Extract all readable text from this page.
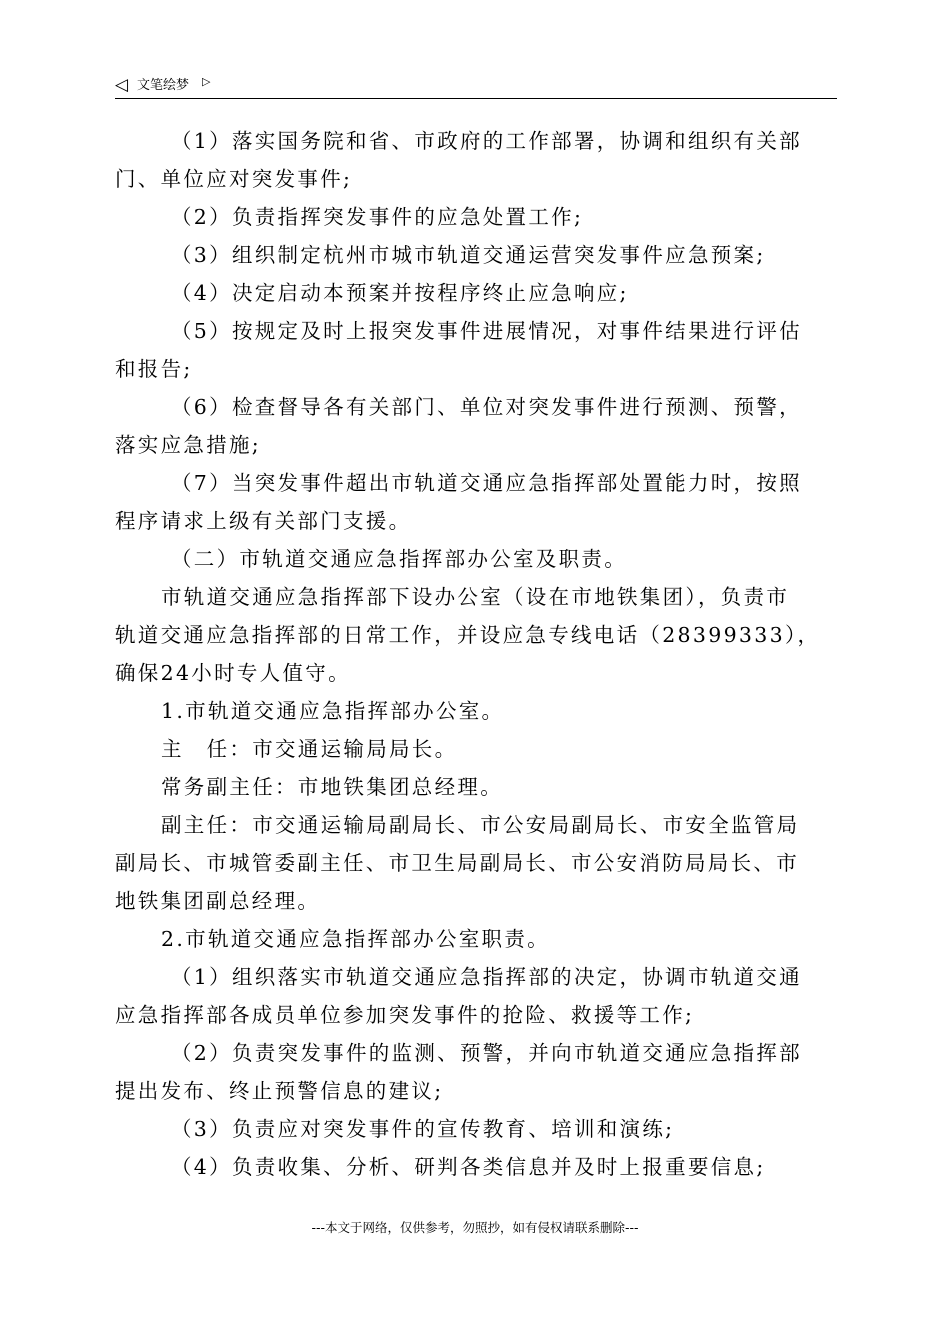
◁ 文笔绘梦 ▷
（1）落实国务院和省、市政府的工作部署，协调和组织有关部
门、单位应对突发事件;
（2）负责指挥突发事件的应急处置工作;
（3）组织制定杭州市城市轨道交通运营突发事件应急预案;
（4）决定启动本预案并按程序终止应急响应;
（5）按规定及时上报突发事件进展情况，对事件结果进行评估
和报告;
（6）检查督导各有关部门、单位对突发事件进行预测、预警，
落实应急措施;
（7）当突发事件超出市轨道交通应急指挥部处置能力时，按照
程序请求上级有关部门支援。
（二）市轨道交通应急指挥部办公室及职责。
市轨道交通应急指挥部下设办公室（设在市地铁集团），负责市
轨道交通应急指挥部的日常工作，并设应急专线电话（28399333），
确保24小时专人值守。
1.市轨道交通应急指挥部办公室。
主　任：市交通运输局局长。
常务副主任：市地铁集团总经理。
副主任：市交通运输局副局长、市公安局副局长、市安全监管局
副局长、市城管委副主任、市卫生局副局长、市公安消防局局长、市
地铁集团副总经理。
2.市轨道交通应急指挥部办公室职责。
（1）组织落实市轨道交通应急指挥部的决定，协调市轨道交通
应急指挥部各成员单位参加突发事件的抢险、救援等工作;
（2）负责突发事件的监测、预警，并向市轨道交通应急指挥部
提出发布、终止预警信息的建议;
（3）负责应对突发事件的宣传教育、培训和演练;
（4）负责收集、分析、研判各类信息并及时上报重要信息;
---本文于网络，仅供参考，勿照抄，如有侵权请联系删除---
